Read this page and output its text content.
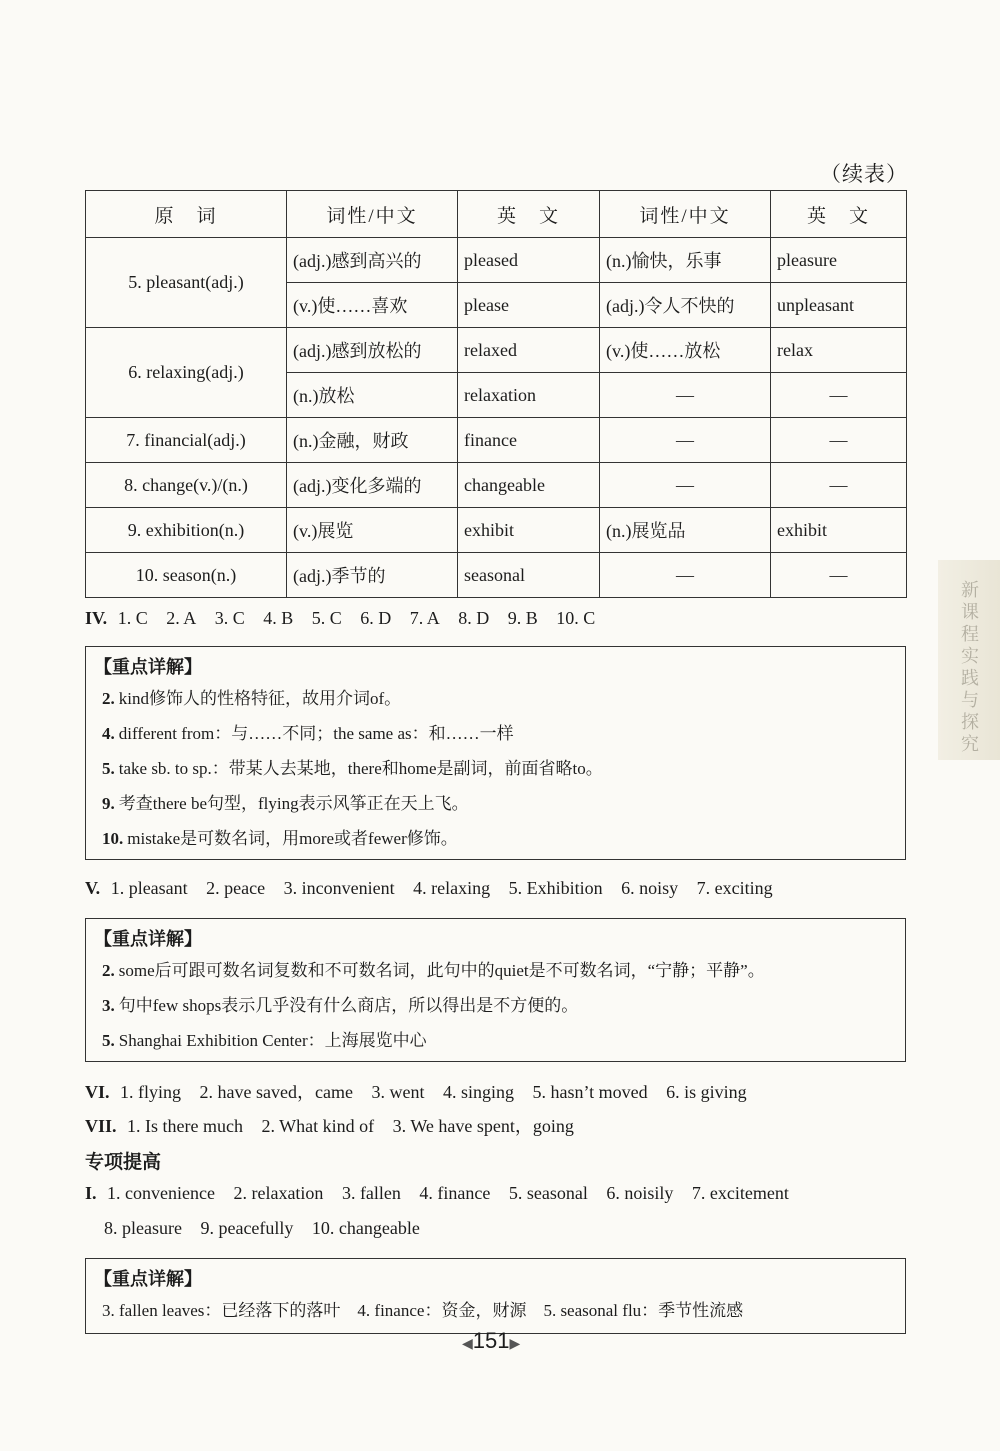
（续表）
原　词	词性/中文	英　文	词性/中文	英　文
5. pleasant(adj.)	(adj.)感到高兴的	pleased	(n.)愉快，乐事	pleasure
	(v.)使……喜欢	please	(adj.)令人不快的	unpleasant
6. relaxing(adj.)	(adj.)感到放松的	relaxed	(v.)使……放松	relax
	(n.)放松	relaxation	—	—
7. financial(adj.)	(n.)金融，财政	finance	—	—
8. change(v.)/(n.)	(adj.)变化多端的	changeable	—	—
9. exhibition(n.)	(v.)展览	exhibit	(n.)展览品	exhibit
10. season(n.)	(adj.)季节的	seasonal	—	—
IV. 1. C 2. A 3. C 4. B 5. C 6. D 7. A 8. D 9. B 10. C
【重点详解】
2. kind修饰人的性格特征，故用介词of。
4. different from：与……不同；the same as：和……一样
5. take sb. to sp.：带某人去某地，there和home是副词，前面省略to。
9. 考查there be句型，flying表示风筝正在天上飞。
10. mistake是可数名词，用more或者fewer修饰。
V. 1. pleasant 2. peace 3. inconvenient 4. relaxing 5. Exhibition 6. noisy 7. exciting
【重点详解】
2. some后可跟可数名词复数和不可数名词，此句中的quiet是不可数名词，“宁静；平静”。
3. 句中few shops表示几乎没有什么商店，所以得出是不方便的。
5. Shanghai Exhibition Center：上海展览中心
VI. 1. flying 2. have saved，came 3. went 4. singing 5. hasn’t moved 6. is giving
VII. 1. Is there much 2. What kind of 3. We have spent，going
专项提高
I. 1. convenience 2. relaxation 3. fallen 4. finance 5. seasonal 6. noisily 7. excitement
8. pleasure 9. peacefully 10. changeable
【重点详解】
3. fallen leaves：已经落下的落叶　4. finance：资金，财源　5. seasonal flu：季节性流感
◀151▶
新课程实践与探究
